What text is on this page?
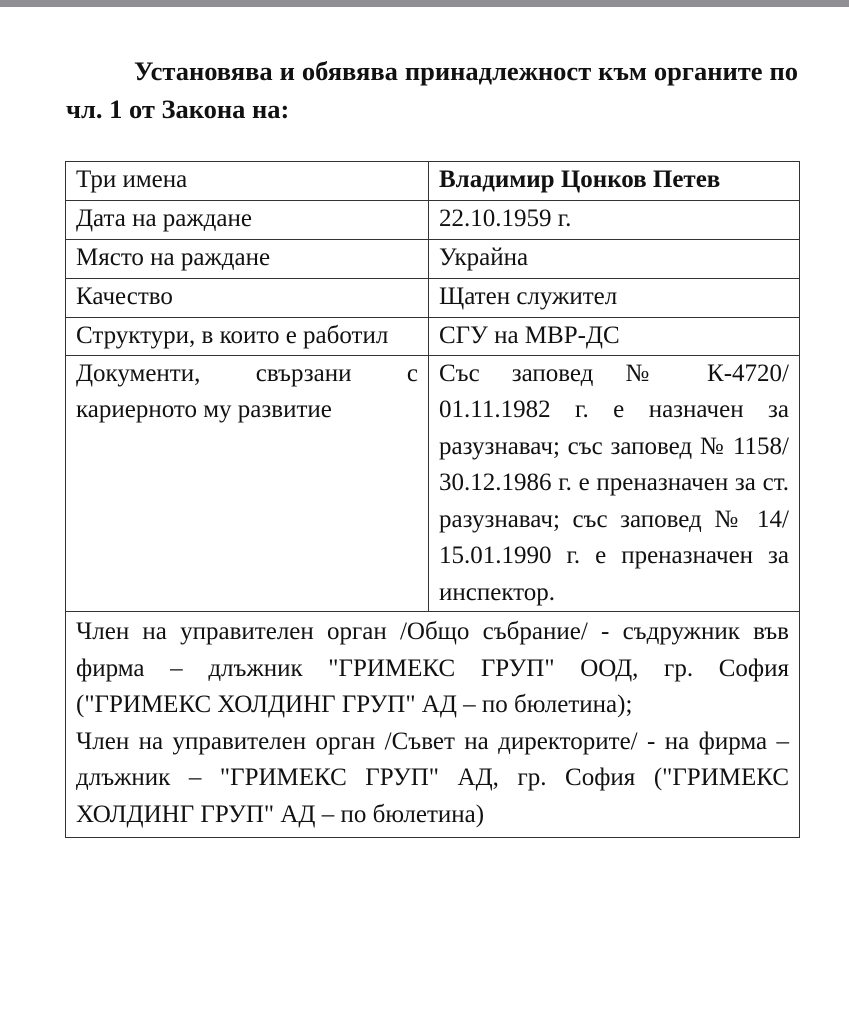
Установява и обявява принадлежност към органите по чл. 1 от Закона на:
Три имена	Владимир Цонков Петев
Дата на раждане	22.10.1959 г.
Място на раждане	Украйна
Качество	Щатен служител
Структури, в които е работил	СГУ на МВР-ДС
Документи, свързани с кариерното му развитие	Със заповед № К-4720/ 01.11.1982 г. е назначен за разузнавач; със заповед № 1158/ 30.12.1986 г. е преназначен за ст. разузнавач; със заповед № 14/ 15.01.1990 г. е преназначен за инспектор.

Член на управителен орган /Общо събрание/ - съдружник във фирма – длъжник "ГРИМЕКС ГРУП" ООД, гр. София ("ГРИМЕКС ХОЛДИНГ ГРУП" АД – по бюлетина);

Член на управителен орган /Съвет на директорите/ - на фирма –длъжник – "ГРИМЕКС ГРУП" АД, гр. София ("ГРИМЕКС ХОЛДИНГ ГРУП" АД – по бюлетина)	
